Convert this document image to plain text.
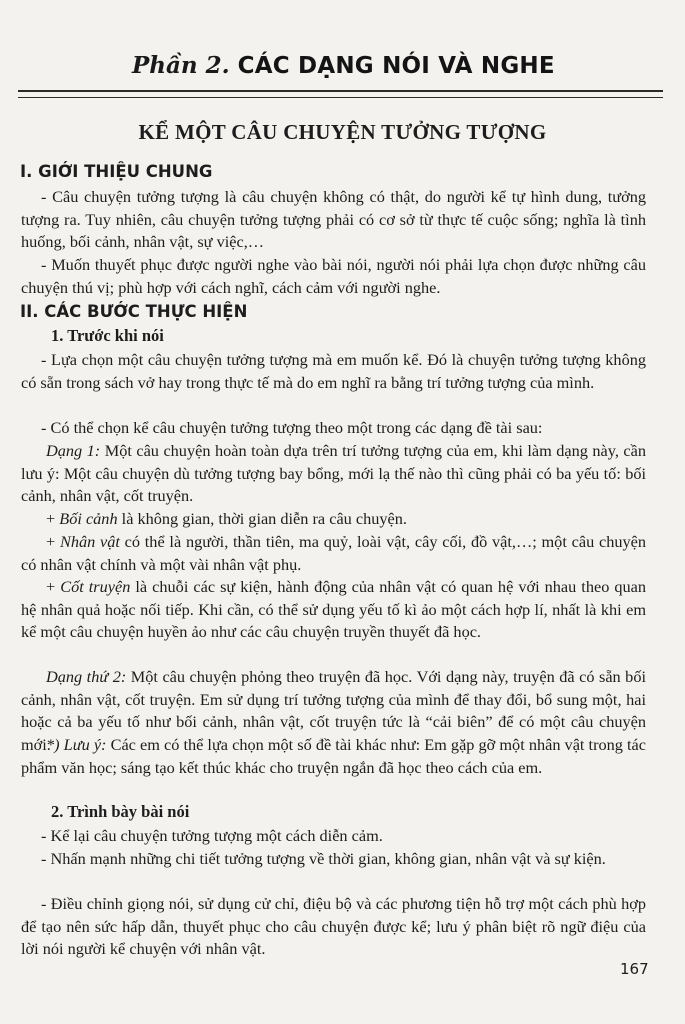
Phần 2. CÁC DẠNG NÓI VÀ NGHE
KỂ MỘT CÂU CHUYỆN TƯỞNG TƯỢNG
I. GIỚI THIỆU CHUNG
- Câu chuyện tưởng tượng là câu chuyện không có thật, do người kể tự hình dung, tưởng tượng ra. Tuy nhiên, câu chuyện tưởng tượng phải có cơ sở từ thực tế cuộc sống; nghĩa là tình huống, bối cảnh, nhân vật, sự việc,…
- Muốn thuyết phục được người nghe vào bài nói, người nói phải lựa chọn được những câu chuyện thú vị; phù hợp với cách nghĩ, cách cảm với người nghe.
II. CÁC BƯỚC THỰC HIỆN
1. Trước khi nói
- Lựa chọn một câu chuyện tưởng tượng mà em muốn kể. Đó là chuyện tưởng tượng không có sẵn trong sách vở hay trong thực tế mà do em nghĩ ra bằng trí tưởng tượng của mình.
- Có thể chọn kể câu chuyện tưởng tượng theo một trong các dạng đề tài sau:
Dạng 1: Một câu chuyện hoàn toàn dựa trên trí tưởng tượng của em, khi làm dạng này, cần lưu ý: Một câu chuyện dù tưởng tượng bay bổng, mới lạ thế nào thì cũng phải có ba yếu tố: bối cảnh, nhân vật, cốt truyện.
+ Bối cảnh là không gian, thời gian diễn ra câu chuyện.
+ Nhân vật có thể là người, thần tiên, ma quỷ, loài vật, cây cối, đồ vật,…; một câu chuyện có nhân vật chính và một vài nhân vật phụ.
+ Cốt truyện là chuỗi các sự kiện, hành động của nhân vật có quan hệ với nhau theo quan hệ nhân quả hoặc nối tiếp. Khi cần, có thể sử dụng yếu tố kì ảo một cách hợp lí, nhất là khi em kể một câu chuyện huyền ảo như các câu chuyện truyền thuyết đã học.
Dạng thứ 2: Một câu chuyện phỏng theo truyện đã học. Với dạng này, truyện đã có sẵn bối cảnh, nhân vật, cốt truyện. Em sử dụng trí tưởng tượng của mình để thay đổi, bổ sung một, hai hoặc cả ba yếu tố như bối cảnh, nhân vật, cốt truyện tức là “cải biên” để có một câu chuyện mới.
*) Lưu ý: Các em có thể lựa chọn một số đề tài khác như: Em gặp gỡ một nhân vật trong tác phẩm văn học; sáng tạo kết thúc khác cho truyện ngắn đã học theo cách của em.
2. Trình bày bài nói
- Kể lại câu chuyện tưởng tượng một cách diễn cảm.
- Nhấn mạnh những chi tiết tưởng tượng về thời gian, không gian, nhân vật và sự kiện.
- Điều chỉnh giọng nói, sử dụng cử chỉ, điệu bộ và các phương tiện hỗ trợ một cách phù hợp để tạo nên sức hấp dẫn, thuyết phục cho câu chuyện được kể; lưu ý phân biệt rõ ngữ điệu của lời nói người kể chuyện với nhân vật.
167
